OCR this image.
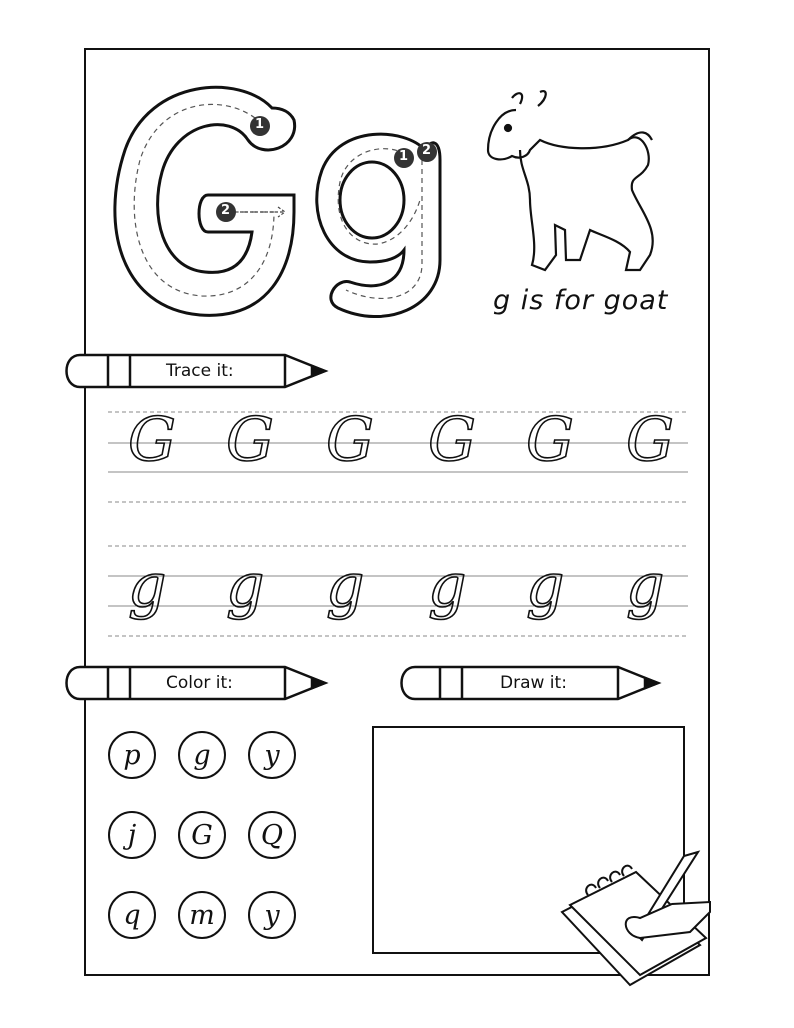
1
2
1 2
g is for goat
Trace it:
Color it:	Draw it:
G G G G G G
g g g g g g
p	g	y
j	G	Q
q	m	y
